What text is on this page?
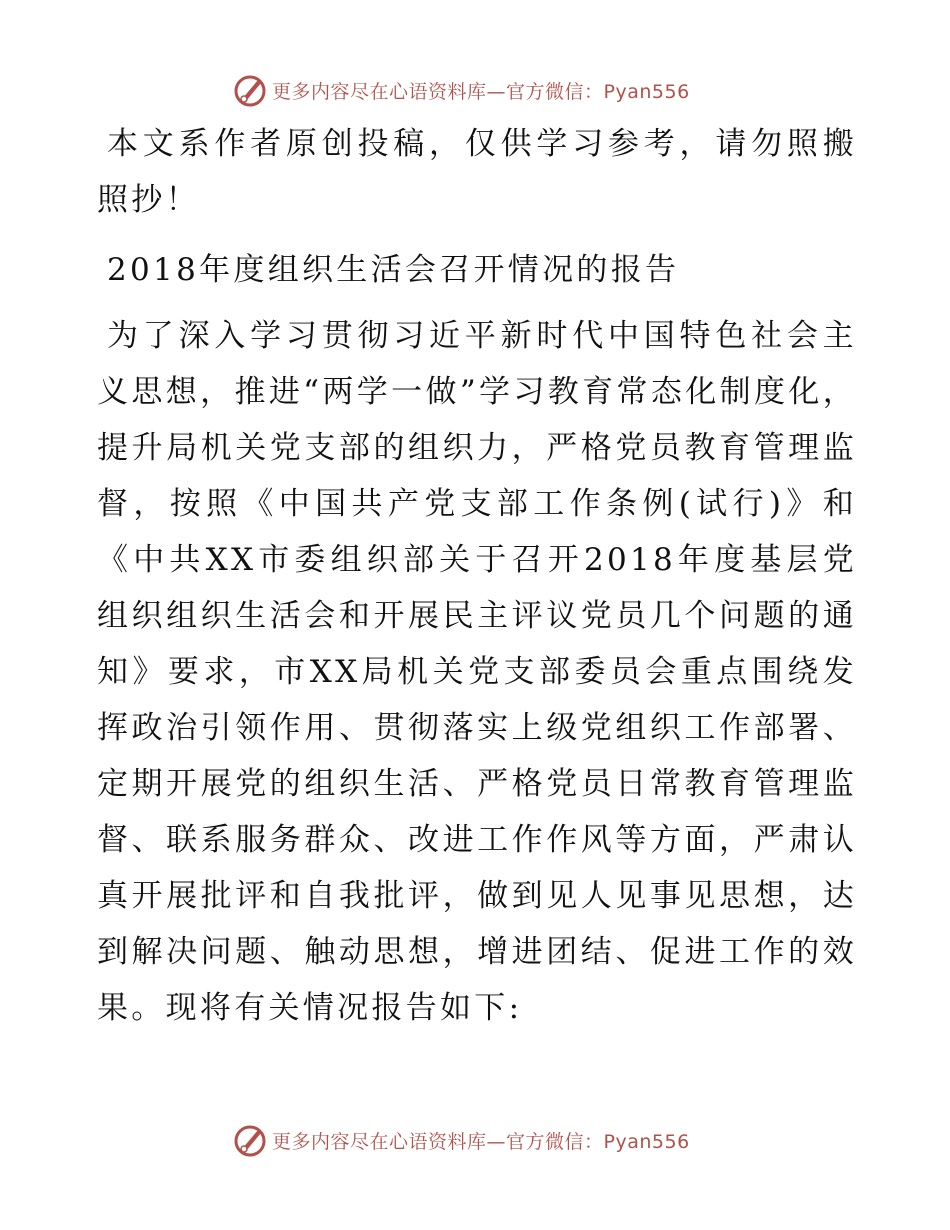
更多内容尽在心语资料库—官方微信：Pyan556

本文系作者原创投稿，仅供学习参考，请勿照搬照抄！

2018年度组织生活会召开情况的报告

为了深入学习贯彻习近平新时代中国特色社会主义思想，推进“两学一做”学习教育常态化制度化，提升局机关党支部的组织力，严格党员教育管理监督，按照《中国共产党支部工作条例(试行)》和《中共XX市委组织部关于召开2018年度基层党组织组织生活会和开展民主评议党员几个问题的通知》要求，市XX局机关党支部委员会重点围绕发挥政治引领作用、贯彻落实上级党组织工作部署、定期开展党的组织生活、严格党员日常教育管理监督、联系服务群众、改进工作作风等方面，严肃认真开展批评和自我批评，做到见人见事见思想，达到解决问题、触动思想，增进团结、促进工作的效果。现将有关情况报告如下:

更多内容尽在心语资料库—官方微信：Pyan556
